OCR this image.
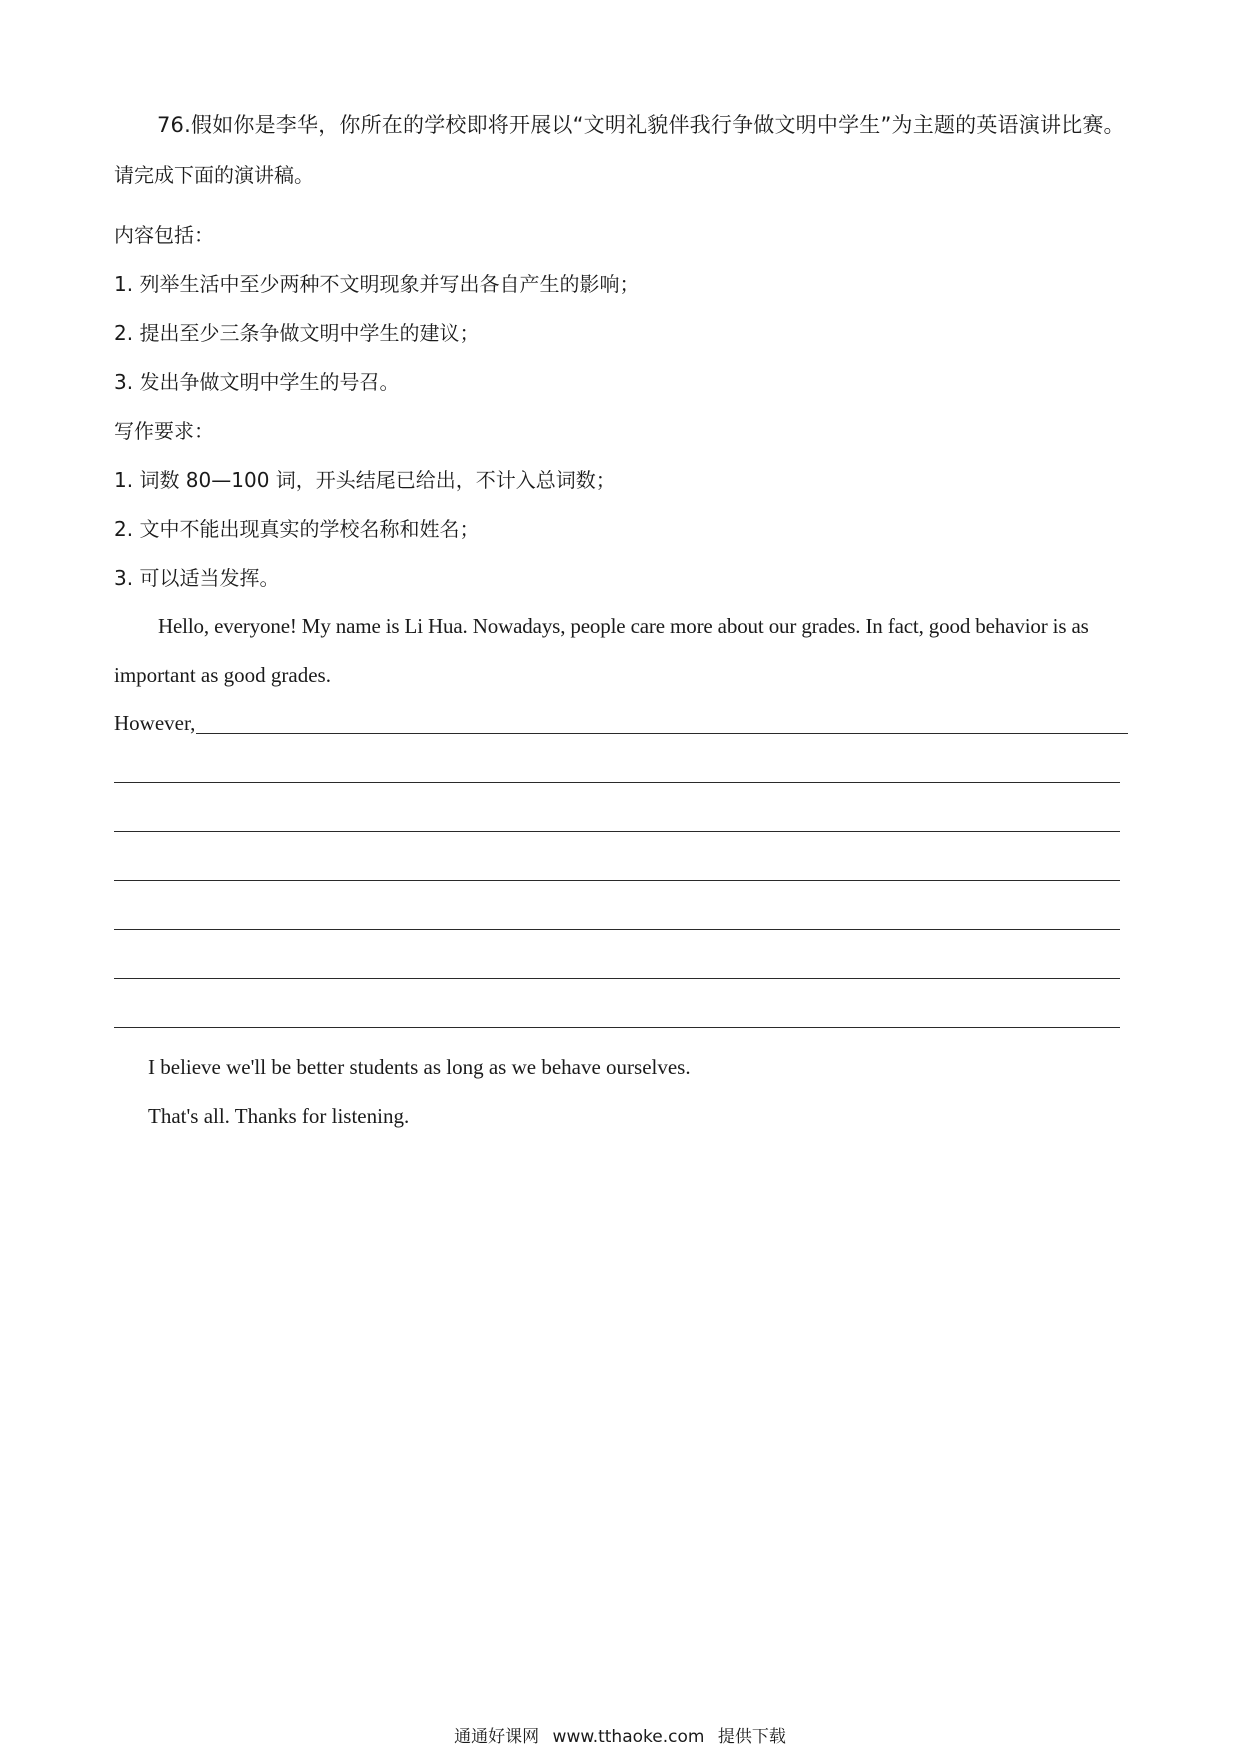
76.假如你是李华，你所在的学校即将开展以“文明礼貌伴我行争做文明中学生”为主题的英语演讲比赛。
请完成下面的演讲稿。
内容包括：
1. 列举生活中至少两种不文明现象并写出各自产生的影响；
2. 提出至少三条争做文明中学生的建议；
3. 发出争做文明中学生的号召。
写作要求：
1. 词数 80—100 词，开头结尾已给出，不计入总词数；
2. 文中不能出现真实的学校名称和姓名；
3. 可以适当发挥。
Hello, everyone! My name is Li Hua. Nowadays, people care more about our grades. In fact, good behavior is as
important as good grades.
However,
I believe we'll be better students as long as we behave ourselves.
That's all. Thanks for listening.
通通好课网 www.tthaoke.com 提供下载
